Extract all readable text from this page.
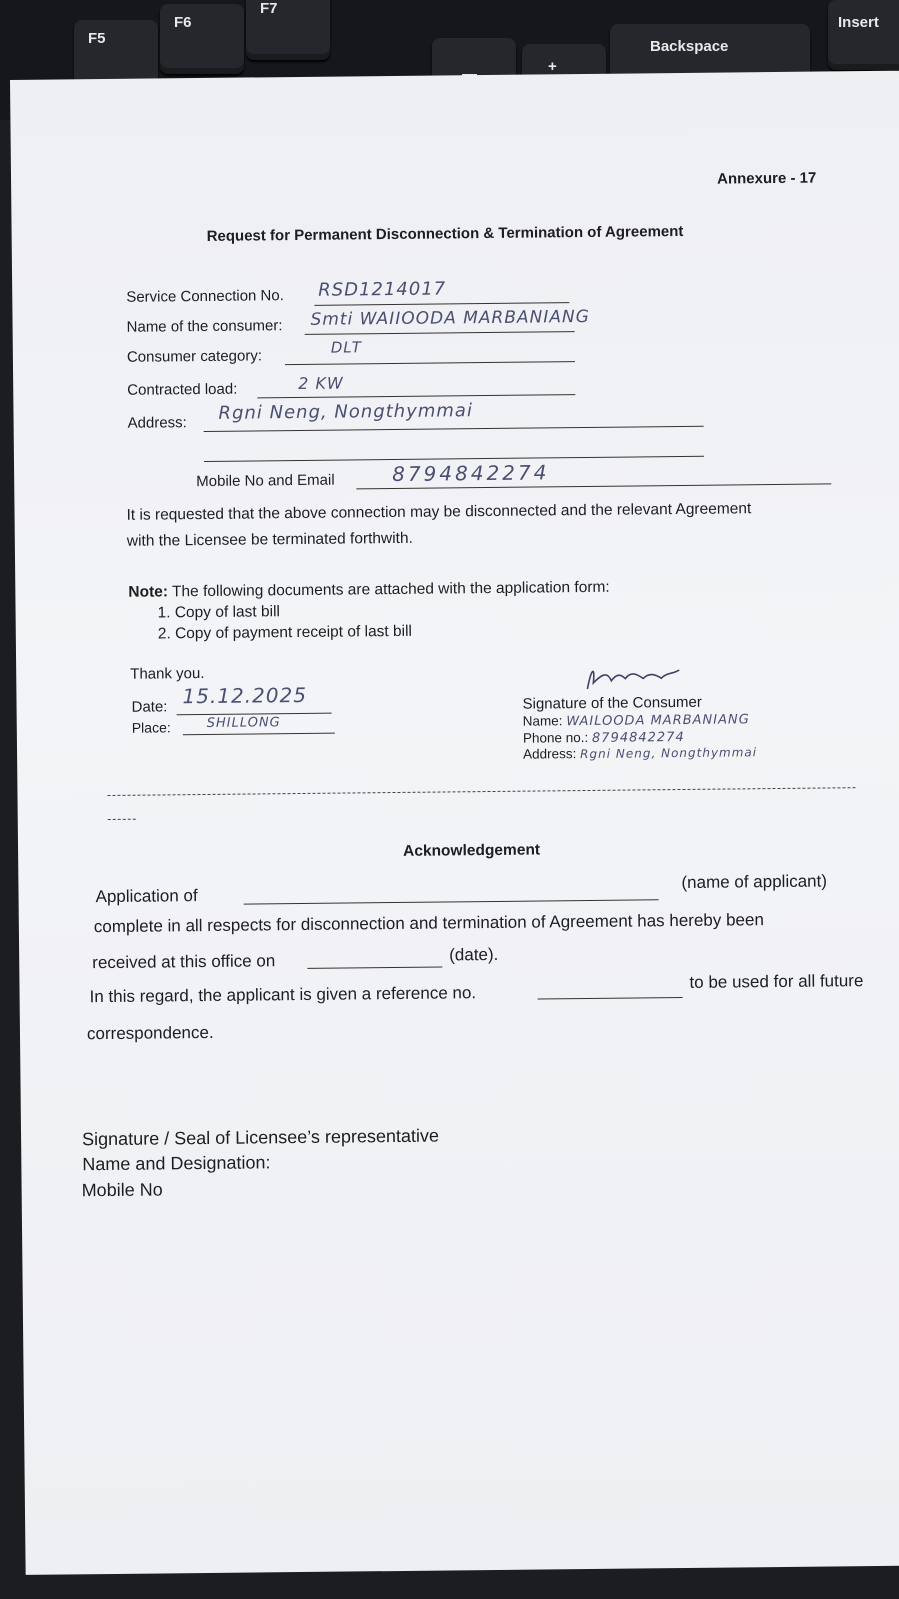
F5
F6
F7
+
Backspace
Insert
Annexure - 17
Request for Permanent Disconnection & Termination of Agreement
Service Connection No. RSD1214017
Name of the consumer: Smti WAIIOODA MARBANIANG
Consumer category:	DLT
Contracted load:	2 KW
Address: Rgni Neng, Nongthymmai
Mobile No and Email	8794842274
It is requested that the above connection may be disconnected and the relevant Agreement
with the Licensee be terminated forthwith.
Note: The following documents are attached with the application form:
1. Copy of last bill
2. Copy of payment receipt of last bill
Thank you.
Date: 15.12.2025
Place:	SHILLONG
Signature of the Consumer
Name: WAILOODA MARBANIANG
Phone no.: 8794842274
Address: Rgni Neng, Nongthymmai
Acknowledgement
Application of
(name of applicant)
complete in all respects for disconnection and termination of Agreement has hereby been
received at this office on	(date).
In this regard, the applicant is given a reference no.
to be used for all future
correspondence.
Signature / Seal of Licensee’s representative
Name and Designation:
Mobile No
